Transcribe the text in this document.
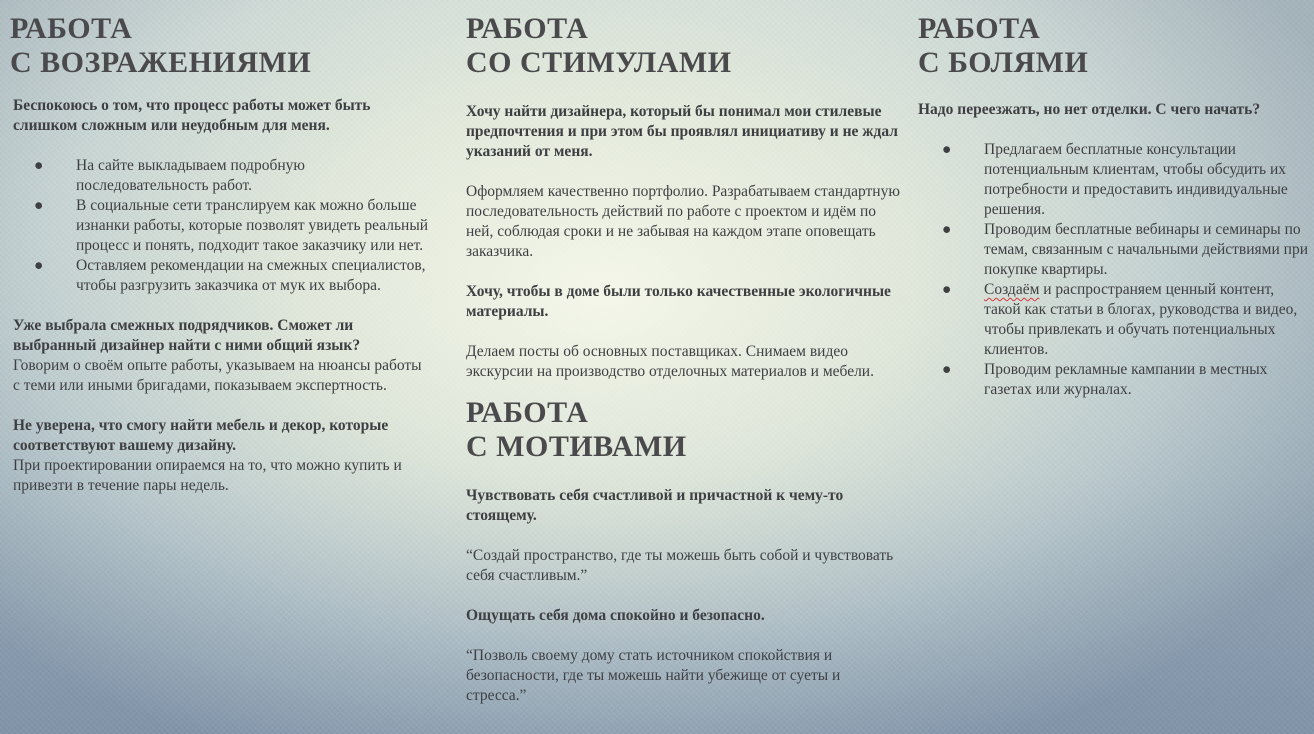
РАБОТА
С ВОЗРАЖЕНИЯМИ

Беспокоюсь о том, что процесс работы может быть слишком сложным или неудобным для меня.

● На сайте выкладываем подробную последовательность работ.
● В социальные сети транслируем как можно больше изнанки работы, которые позволят увидеть реальный процесс и понять, подходит такое заказчику или нет.
● Оставляем рекомендации на смежных специалистов, чтобы разгрузить заказчика от мук их выбора.

Уже выбрала смежных подрядчиков. Сможет ли выбранный дизайнер найти с ними общий язык?

Говорим о своём опыте работы, указываем на нюансы работы с теми или иными бригадами, показываем экспертность.

Не уверена, что смогу найти мебель и декор, которые соответствуют вашему дизайну.

При проектировании опираемся на то, что можно купить и привезти в течение пары недель.

РАБОТА
СО СТИМУЛАМИ

Хочу найти дизайнера, который бы понимал мои стилевые предпочтения и при этом бы проявлял инициативу и не ждал указаний от меня.

Оформляем качественно портфолио. Разрабатываем стандартную последовательность действий по работе с проектом и идём по ней, соблюдая сроки и не забывая на каждом этапе оповещать заказчика.

Хочу, чтобы в доме были только качественные экологичные материалы.

Делаем посты об основных поставщиках. Снимаем видео экскурсии на производство отделочных материалов и мебели.

РАБОТА
С МОТИВАМИ

Чувствовать себя счастливой и причастной к чему-то стоящему.

“Создай пространство, где ты можешь быть собой и чувствовать себя счастливым.”

Ощущать себя дома спокойно и безопасно.

“Позволь своему дому стать источником спокойствия и безопасности, где ты можешь найти убежище от суеты и стресса.”

РАБОТА
С БОЛЯМИ

Надо переезжать, но нет отделки. С чего начать?

● Предлагаем бесплатные консультации потенциальным клиентам, чтобы обсудить их потребности и предоставить индивидуальные решения.
● Проводим бесплатные вебинары и семинары по темам, связанным с начальными действиями при покупке квартиры.
● Создаём и распространяем ценный контент, такой как статьи в блогах, руководства и видео, чтобы привлекать и обучать потенциальных клиентов.
● Проводим рекламные кампании в местных газетах или журналах.
